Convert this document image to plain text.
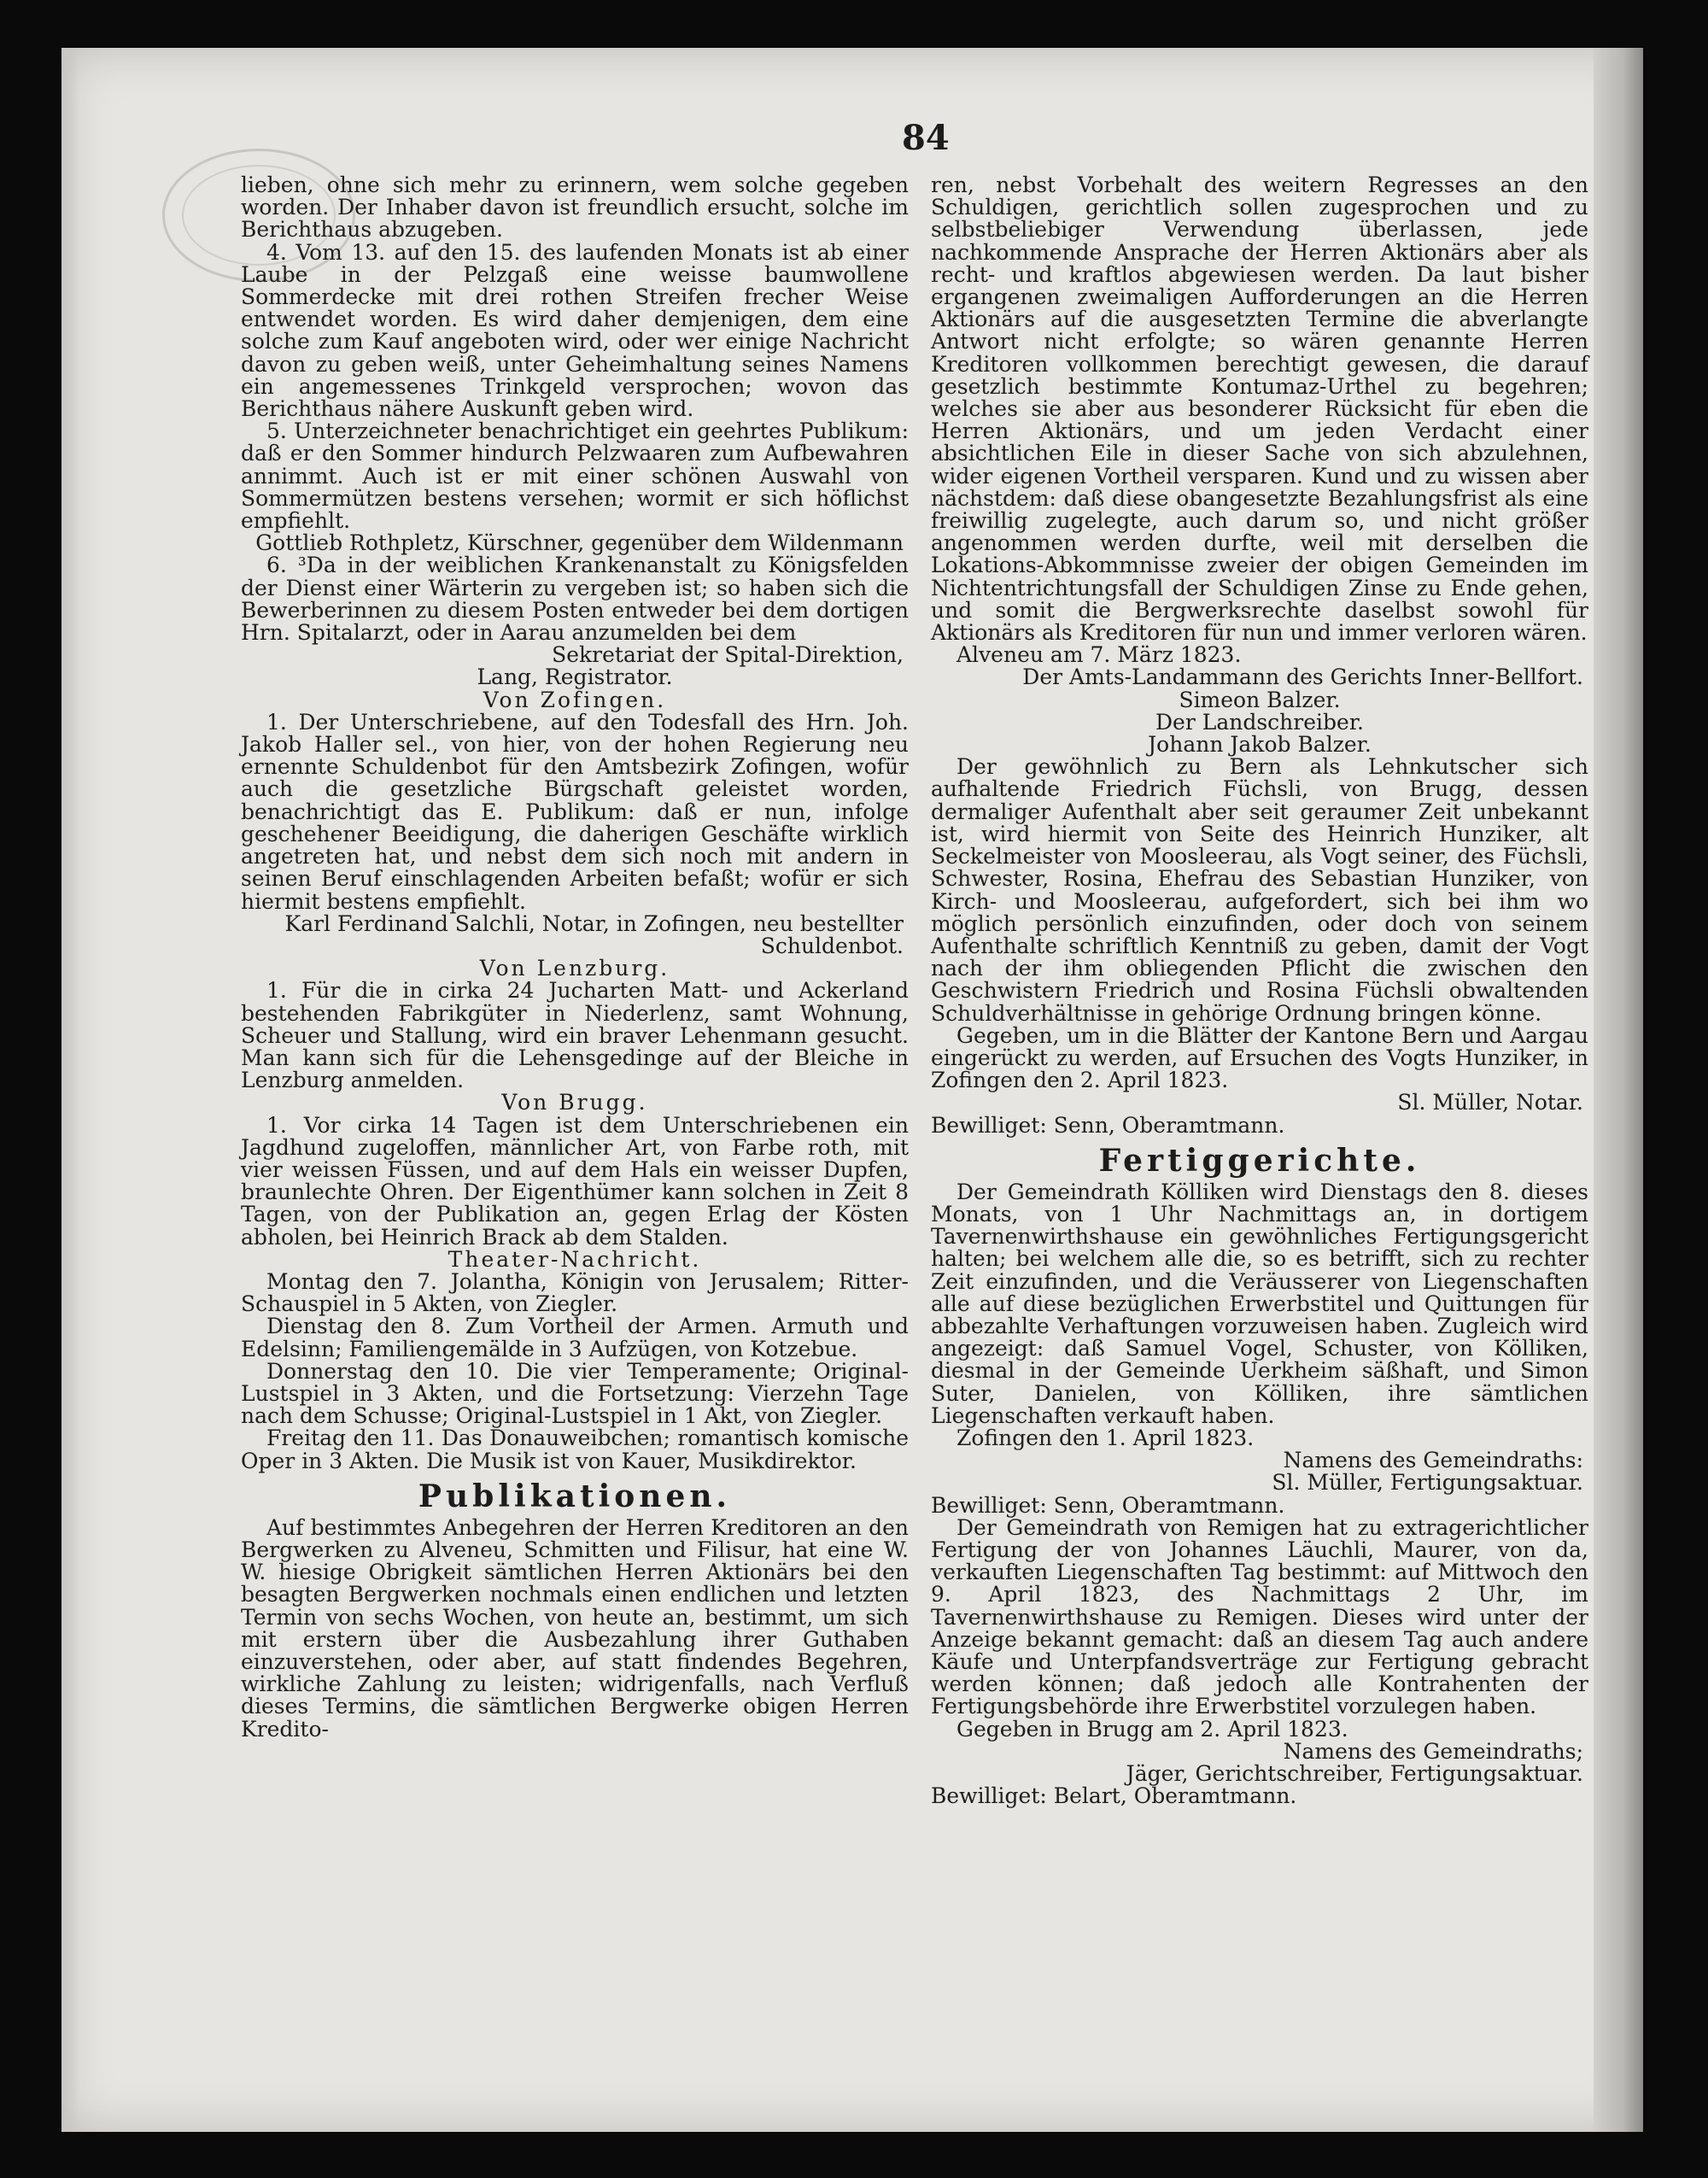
84
lieben, ohne sich mehr zu erinnern, wem solche gegeben worden. Der Inhaber davon ist freundlich ersucht, solche im Berichthaus abzugeben.
4. Vom 13. auf den 15. des laufenden Monats ist ab einer Laube in der Pelzgaß eine weisse baumwollene Sommerdecke mit drei rothen Streifen frecher Weise entwendet worden. Es wird daher demjenigen, dem eine solche zum Kauf angeboten wird, oder wer einige Nachricht davon zu geben weiß, unter Geheimhaltung seines Namens ein angemessenes Trinkgeld versprochen; wovon das Berichthaus nähere Auskunft geben wird.
5. Unterzeichneter benachrichtiget ein geehrtes Publikum: daß er den Sommer hindurch Pelzwaaren zum Aufbewahren annimmt. Auch ist er mit einer schönen Auswahl von Sommermützen bestens versehen; wormit er sich höflichst empfiehlt.
Gottlieb Rothpletz, Kürschner, gegenüber dem Wildenmann
6. ³Da in der weiblichen Krankenanstalt zu Königsfelden der Dienst einer Wärterin zu vergeben ist; so haben sich die Bewerberinnen zu diesem Posten entweder bei dem dortigen Hrn. Spitalarzt, oder in Aarau anzumelden bei dem
Sekretariat der Spital-Direktion,
Lang, Registrator.
Von Zofingen.
1. Der Unterschriebene, auf den Todesfall des Hrn. Joh. Jakob Haller sel., von hier, von der hohen Regierung neu ernennte Schuldenbot für den Amtsbezirk Zofingen, wofür auch die gesetzliche Bürgschaft geleistet worden, benachrichtigt das E. Publikum: daß er nun, infolge geschehener Beeidigung, die daherigen Geschäfte wirklich angetreten hat, und nebst dem sich noch mit andern in seinen Beruf einschlagenden Arbeiten befaßt; wofür er sich hiermit bestens empfiehlt.
Karl Ferdinand Salchli, Notar, in Zofingen, neu bestellter Schuldenbot.
Von Lenzburg.
1. Für die in cirka 24 Jucharten Matt- und Ackerland bestehenden Fabrikgüter in Niederlenz, samt Wohnung, Scheuer und Stallung, wird ein braver Lehenmann gesucht. Man kann sich für die Lehensgedinge auf der Bleiche in Lenzburg anmelden.
Von Brugg.
1. Vor cirka 14 Tagen ist dem Unterschriebenen ein Jagdhund zugeloffen, männlicher Art, von Farbe roth, mit vier weissen Füssen, und auf dem Hals ein weisser Dupfen, braunlechte Ohren. Der Eigenthümer kann solchen in Zeit 8 Tagen, von der Publikation an, gegen Erlag der Kösten abholen, bei Heinrich Brack ab dem Stalden.
Theater-Nachricht.
Montag den 7. Jolantha, Königin von Jerusalem; Ritter-Schauspiel in 5 Akten, von Ziegler.
Dienstag den 8. Zum Vortheil der Armen. Armuth und Edelsinn; Familiengemälde in 3 Aufzügen, von Kotzebue.
Donnerstag den 10. Die vier Temperamente; Original-Lustspiel in 3 Akten, und die Fortsetzung: Vierzehn Tage nach dem Schusse; Original-Lustspiel in 1 Akt, von Ziegler.
Freitag den 11. Das Donauweibchen; romantisch komische Oper in 3 Akten. Die Musik ist von Kauer, Musikdirektor.
Publikationen.
Auf bestimmtes Anbegehren der Herren Kreditoren an den Bergwerken zu Alveneu, Schmitten und Filisur, hat eine W. W. hiesige Obrigkeit sämtlichen Herren Aktionärs bei den besagten Bergwerken nochmals einen endlichen und letzten Termin von sechs Wochen, von heute an, bestimmt, um sich mit erstern über die Ausbezahlung ihrer Guthaben einzuverstehen, oder aber, auf statt findendes Begehren, wirkliche Zahlung zu leisten; widrigenfalls, nach Verfluß dieses Termins, die sämtlichen Bergwerke obigen Herren Kredito-
ren, nebst Vorbehalt des weitern Regresses an den Schuldigen, gerichtlich sollen zugesprochen und zu selbstbeliebiger Verwendung überlassen, jede nachkommende Ansprache der Herren Aktionärs aber als recht- und kraftlos abgewiesen werden. Da laut bisher ergangenen zweimaligen Aufforderungen an die Herren Aktionärs auf die ausgesetzten Termine die abverlangte Antwort nicht erfolgte; so wären genannte Herren Kreditoren vollkommen berechtigt gewesen, die darauf gesetzlich bestimmte Kontumaz-Urthel zu begehren; welches sie aber aus besonderer Rücksicht für eben die Herren Aktionärs, und um jeden Verdacht einer absichtlichen Eile in dieser Sache von sich abzulehnen, wider eigenen Vortheil versparen. Kund und zu wissen aber nächstdem: daß diese obangesetzte Bezahlungsfrist als eine freiwillig zugelegte, auch darum so, und nicht größer angenommen werden durfte, weil mit derselben die Lokations-Abkommnisse zweier der obigen Gemeinden im Nichtentrichtungsfall der Schuldigen Zinse zu Ende gehen, und somit die Bergwerksrechte daselbst sowohl für Aktionärs als Kreditoren für nun und immer verloren wären.
Alveneu am 7. März 1823.
Der Amts-Landammann des Gerichts Inner-Bellfort.
Simeon Balzer.
Der Landschreiber.
Johann Jakob Balzer.
Der gewöhnlich zu Bern als Lehnkutscher sich aufhaltende Friedrich Füchsli, von Brugg, dessen dermaliger Aufenthalt aber seit geraumer Zeit unbekannt ist, wird hiermit von Seite des Heinrich Hunziker, alt Seckelmeister von Moosleerau, als Vogt seiner, des Füchsli, Schwester, Rosina, Ehefrau des Sebastian Hunziker, von Kirch- und Moosleerau, aufgefordert, sich bei ihm wo möglich persönlich einzufinden, oder doch von seinem Aufenthalte schriftlich Kenntniß zu geben, damit der Vogt nach der ihm obliegenden Pflicht die zwischen den Geschwistern Friedrich und Rosina Füchsli obwaltenden Schuldverhältnisse in gehörige Ordnung bringen könne.
Gegeben, um in die Blätter der Kantone Bern und Aargau eingerückt zu werden, auf Ersuchen des Vogts Hunziker, in Zofingen den 2. April 1823.
Sl. Müller, Notar.
Bewilliget: Senn, Oberamtmann.
Fertiggerichte.
Der Gemeindrath Kölliken wird Dienstags den 8. dieses Monats, von 1 Uhr Nachmittags an, in dortigem Tavernenwirthshause ein gewöhnliches Fertigungsgericht halten; bei welchem alle die, so es betrifft, sich zu rechter Zeit einzufinden, und die Veräusserer von Liegenschaften alle auf diese bezüglichen Erwerbstitel und Quittungen für abbezahlte Verhaftungen vorzuweisen haben. Zugleich wird angezeigt: daß Samuel Vogel, Schuster, von Kölliken, diesmal in der Gemeinde Uerkheim säßhaft, und Simon Suter, Danielen, von Kölliken, ihre sämtlichen Liegenschaften verkauft haben.
Zofingen den 1. April 1823.
Namens des Gemeindraths:
Sl. Müller, Fertigungsaktuar.
Bewilliget: Senn, Oberamtmann.
Der Gemeindrath von Remigen hat zu extragerichtlicher Fertigung der von Johannes Läuchli, Maurer, von da, verkauften Liegenschaften Tag bestimmt: auf Mittwoch den 9. April 1823, des Nachmittags 2 Uhr, im Tavernenwirthshause zu Remigen. Dieses wird unter der Anzeige bekannt gemacht: daß an diesem Tag auch andere Käufe und Unterpfandsverträge zur Fertigung gebracht werden können; daß jedoch alle Kontrahenten der Fertigungsbehörde ihre Erwerbstitel vorzulegen haben.
Gegeben in Brugg am 2. April 1823.
Namens des Gemeindraths;
Jäger, Gerichtschreiber, Fertigungsaktuar.
Bewilliget: Belart, Oberamtmann.
